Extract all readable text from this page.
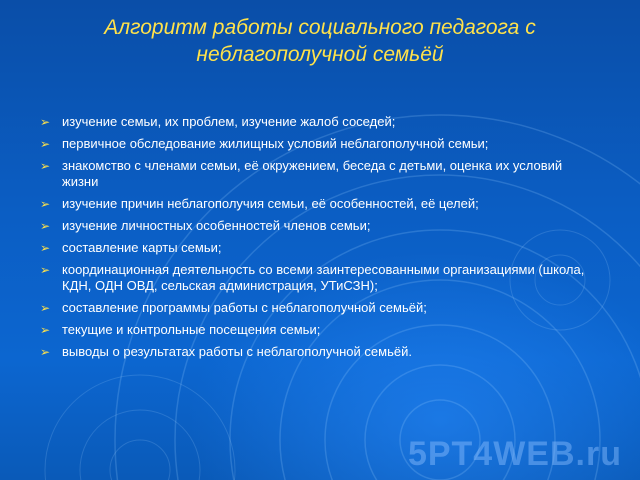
Алгоритм работы социального педагога с неблагополучной семьёй
➢ изучение семьи, их проблем, изучение жалоб соседей;
➢ первичное обследование жилищных условий неблагополучной семьи;
➢ знакомство с членами семьи, её окружением, беседа с детьми, оценка их условий жизни
➢ изучение причин неблагополучия семьи, её особенностей, её целей;
➢ изучение личностных особенностей членов семьи;
➢ составление карты семьи;
➢ координационная деятельность со всеми заинтересованными организациями (школа, КДН, ОДН ОВД, сельская администрация, УТиСЗН);
➢ составление программы работы с неблагополучной семьёй;
➢ текущие и контрольные посещения семьи;
➢ выводы о результатах работы с неблагополучной семьёй.
5PT4WEB.ru
